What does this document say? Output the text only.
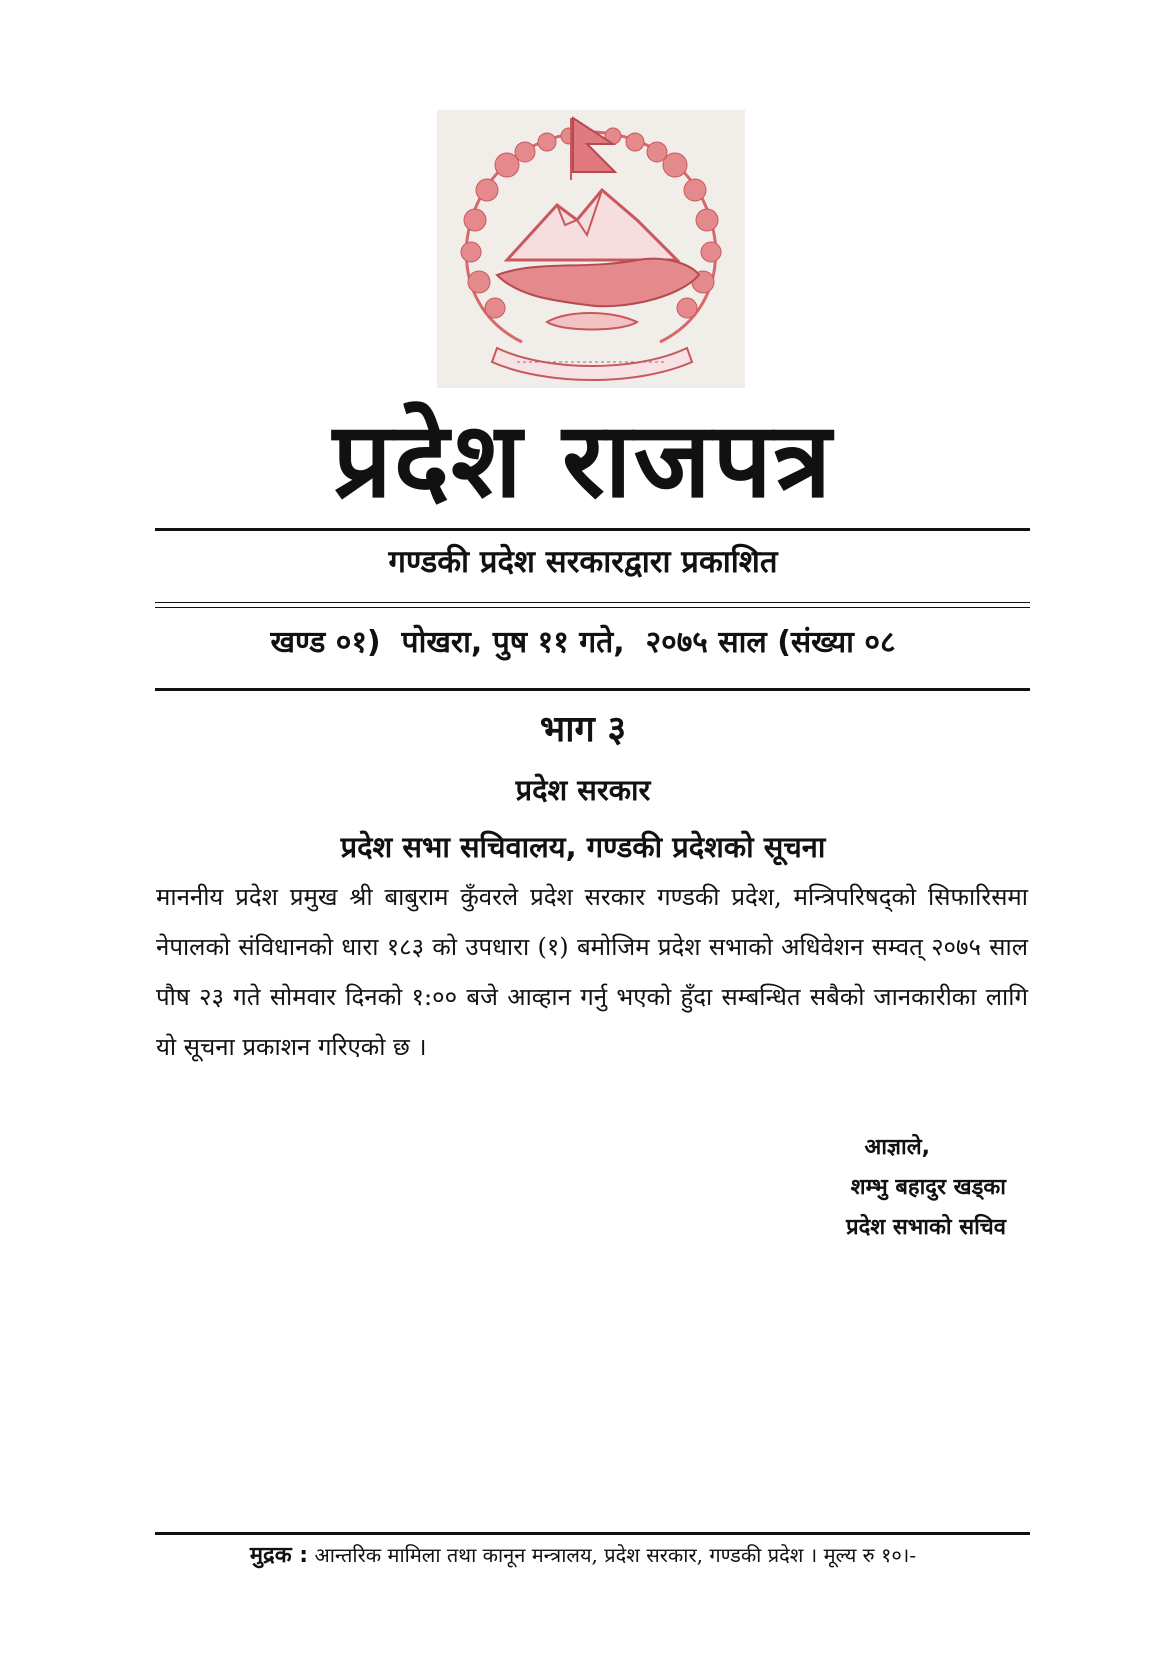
प्रदेश राजपत्र
गण्डकी प्रदेश सरकारद्वारा प्रकाशित
खण्ड ०१)  पोखरा, पुष ११ गते,  २०७५ साल (संख्या ०८
भाग ३
प्रदेश सरकार
प्रदेश सभा सचिवालय, गण्डकी प्रदेशको सूचना
माननीय प्रदेश प्रमुख श्री बाबुराम कुँवरले प्रदेश सरकार गण्डकी प्रदेश, मन्त्रिपरिषद्को सिफारिसमा नेपालको संविधानको धारा १८३ को उपधारा (१) बमोजिम प्रदेश सभाको अधिवेशन सम्वत् २०७५ साल पौष २३ गते सोमवार दिनको १:०० बजे आव्हान गर्नु भएको हुँदा सम्बन्धित सबैको जानकारीका लागि यो सूचना प्रकाशन गरिएको छ ।
आज्ञाले,
शम्भु बहादुर खड्का
प्रदेश सभाको सचिव
मुद्रक : आन्तरिक मामिला तथा कानून मन्त्रालय, प्रदेश सरकार, गण्डकी प्रदेश । मूल्य रु १०।-
